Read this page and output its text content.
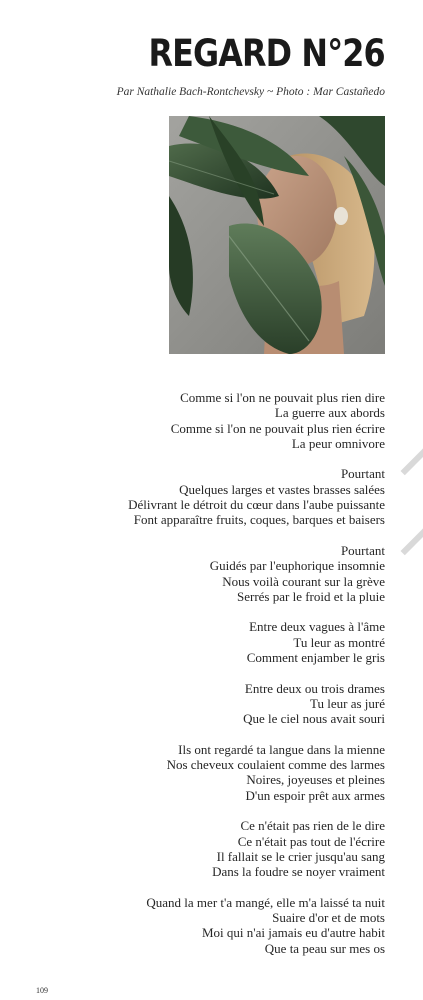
REGARD N°26
Par Nathalie Bach-Rontchevsky ~ Photo : Mar Castañedo
Comme si l'on ne pouvait plus rien dire
La guerre aux abords
Comme si l'on ne pouvait plus rien écrire
La peur omnivore
Pourtant
Quelques larges et vastes brasses salées
Délivrant le détroit du cœur dans l'aube puissante
Font apparaître fruits, coques, barques et baisers
Pourtant
Guidés par l'euphorique insomnie
Nous voilà courant sur la grève
Serrés par le froid et la pluie
Entre deux vagues à l'âme
Tu leur as montré
Comment enjamber le gris
Entre deux ou trois drames
Tu leur as juré
Que le ciel nous avait souri
Ils ont regardé ta langue dans la mienne
Nos cheveux coulaient comme des larmes
Noires, joyeuses et pleines
D'un espoir prêt aux armes
Ce n'était pas rien de le dire
Ce n'était pas tout de l'écrire
Il fallait se le crier jusqu'au sang
Dans la foudre se noyer vraiment
Quand la mer t'a mangé, elle m'a laissé ta nuit
Suaire d'or et de mots
Moi qui n'ai jamais eu d'autre habit
Que ta peau sur mes os
109
